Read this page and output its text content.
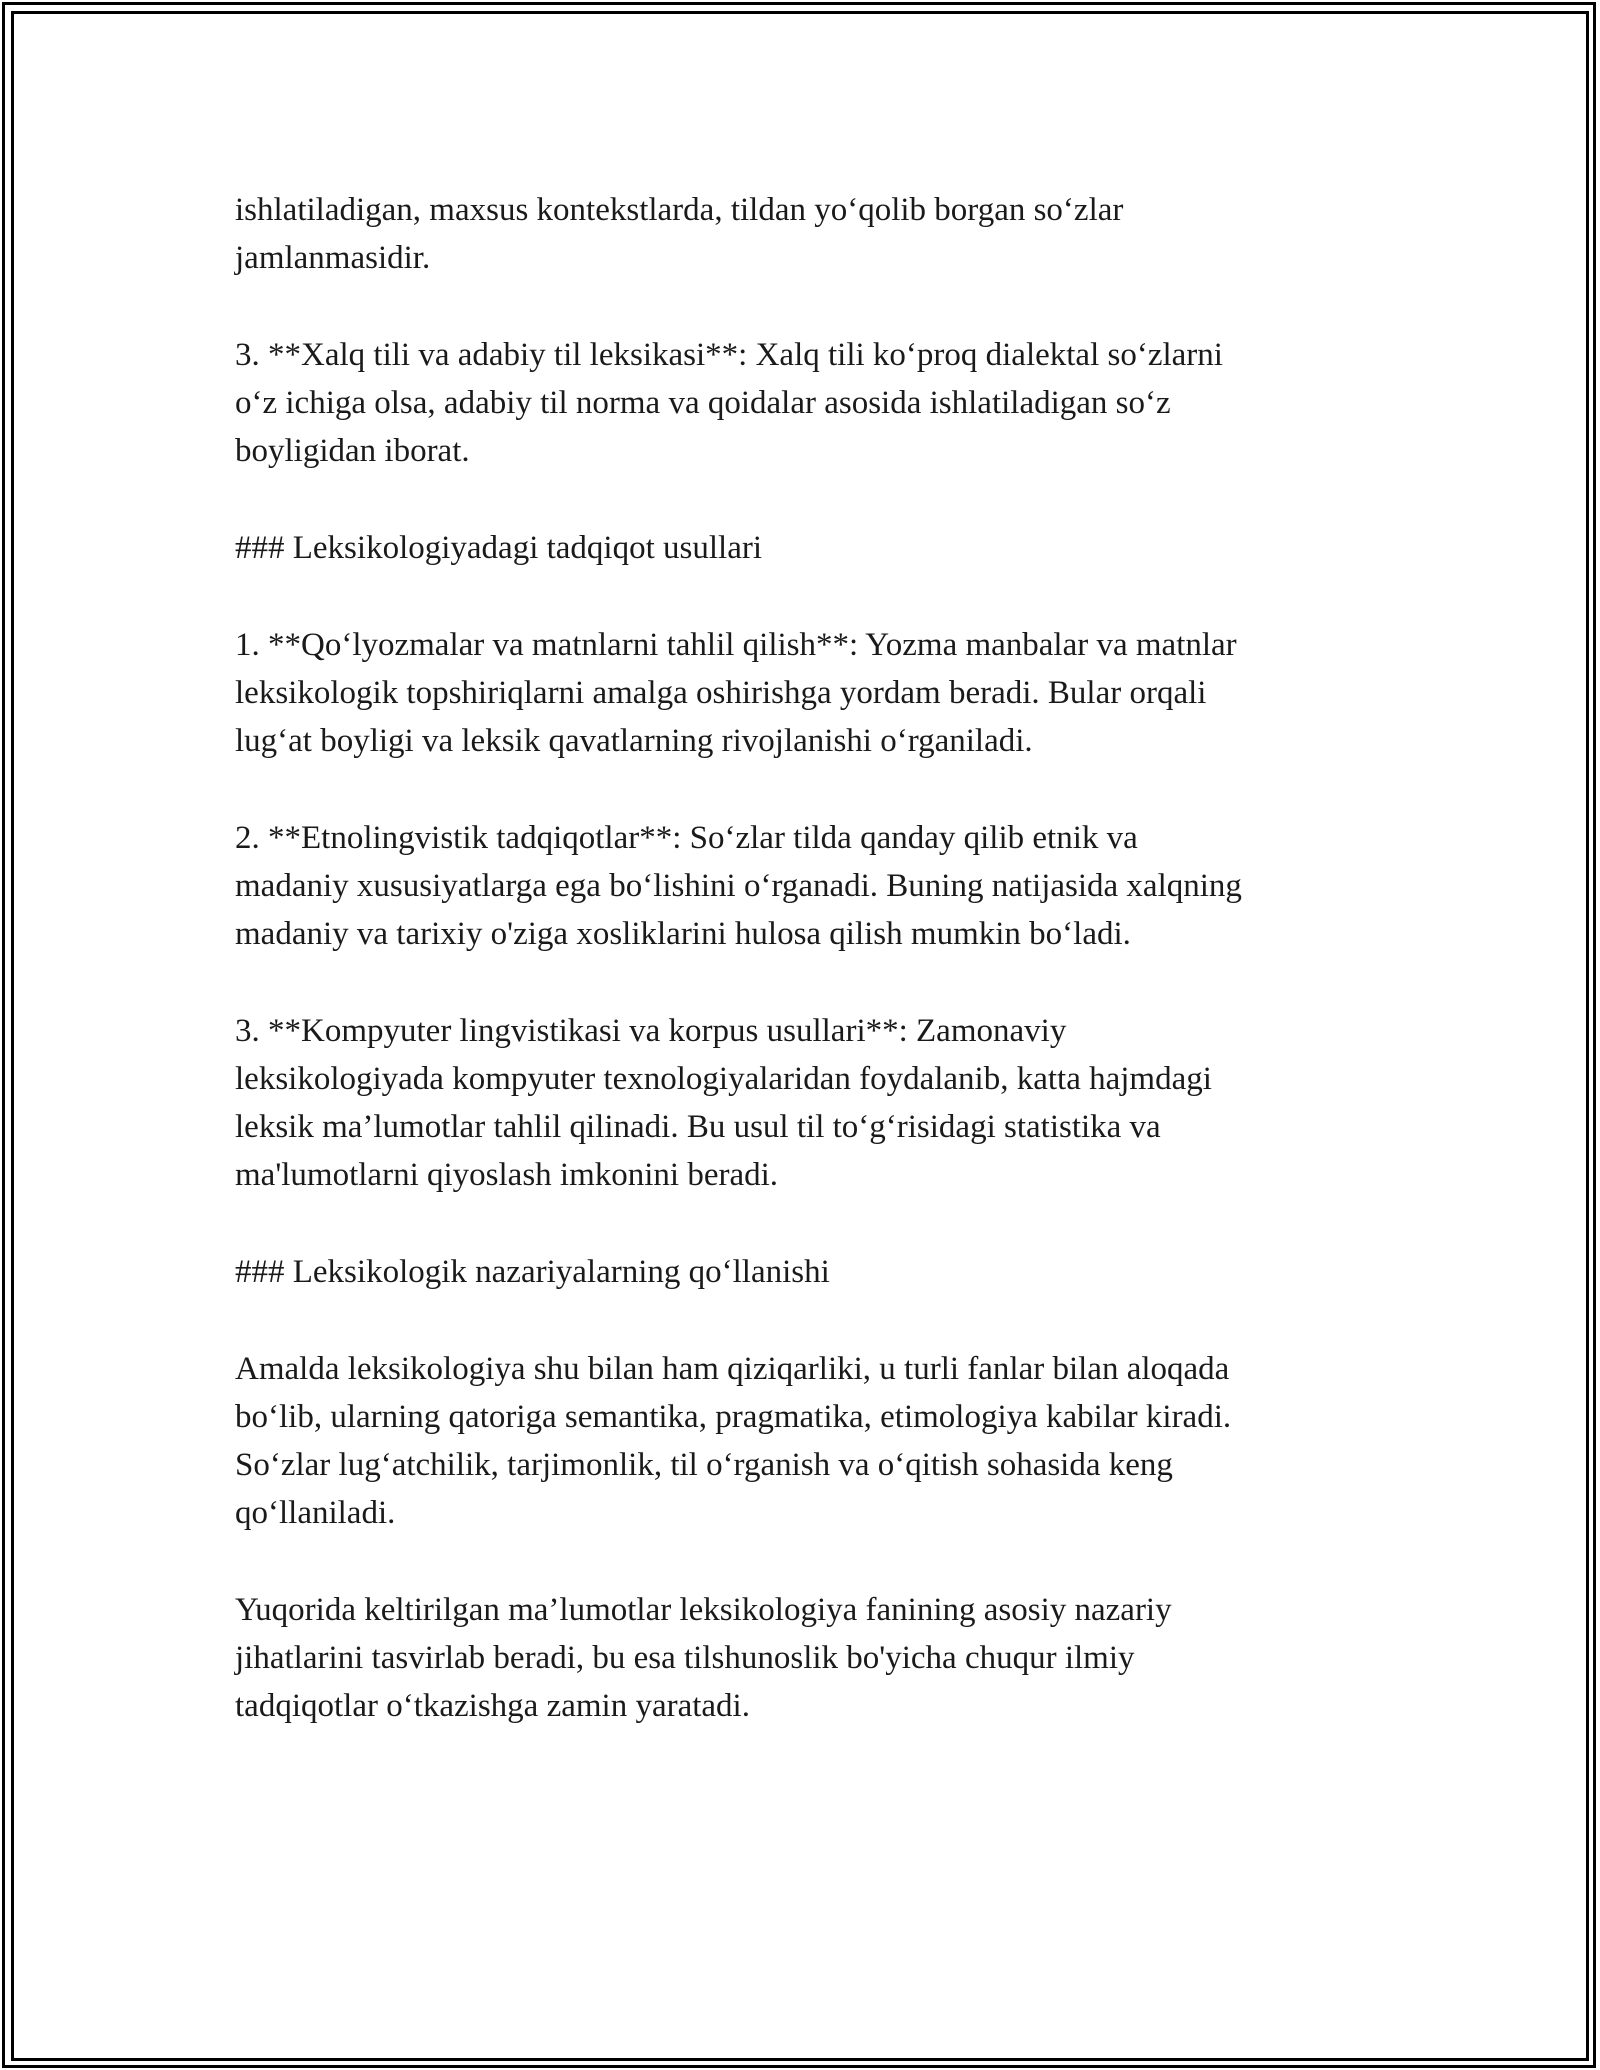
ishlatiladigan, maxsus kontekstlarda, tildan yo‘qolib borgan so‘zlar
jamlanmasidir.

3. **Xalq tili va adabiy til leksikasi**: Xalq tili ko‘proq dialektal so‘zlarni
o‘z ichiga olsa, adabiy til norma va qoidalar asosida ishlatiladigan so‘z
boyligidan iborat.

### Leksikologiyadagi tadqiqot usullari

1. **Qo‘lyozmalar va matnlarni tahlil qilish**: Yozma manbalar va matnlar
leksikologik topshiriqlarni amalga oshirishga yordam beradi. Bular orqali
lug‘at boyligi va leksik qavatlarning rivojlanishi o‘rganiladi.

2. **Etnolingvistik tadqiqotlar**: So‘zlar tilda qanday qilib etnik va
madaniy xususiyatlarga ega bo‘lishini o‘rganadi. Buning natijasida xalqning
madaniy va tarixiy o'ziga xosliklarini hulosa qilish mumkin bo‘ladi.

3. **Kompyuter lingvistikasi va korpus usullari**: Zamonaviy
leksikologiyada kompyuter texnologiyalaridan foydalanib, katta hajmdagi
leksik ma’lumotlar tahlil qilinadi. Bu usul til to‘g‘risidagi statistika va
ma'lumotlarni qiyoslash imkonini beradi.

### Leksikologik nazariyalarning qo‘llanishi

Amalda leksikologiya shu bilan ham qiziqarliki, u turli fanlar bilan aloqada
bo‘lib, ularning qatoriga semantika, pragmatika, etimologiya kabilar kiradi.
So‘zlar lug‘atchilik, tarjimonlik, til o‘rganish va o‘qitish sohasida keng
qo‘llaniladi.

Yuqorida keltirilgan ma’lumotlar leksikologiya fanining asosiy nazariy
jihatlarini tasvirlab beradi, bu esa tilshunoslik bo'yicha chuqur ilmiy
tadqiqotlar o‘tkazishga zamin yaratadi.
